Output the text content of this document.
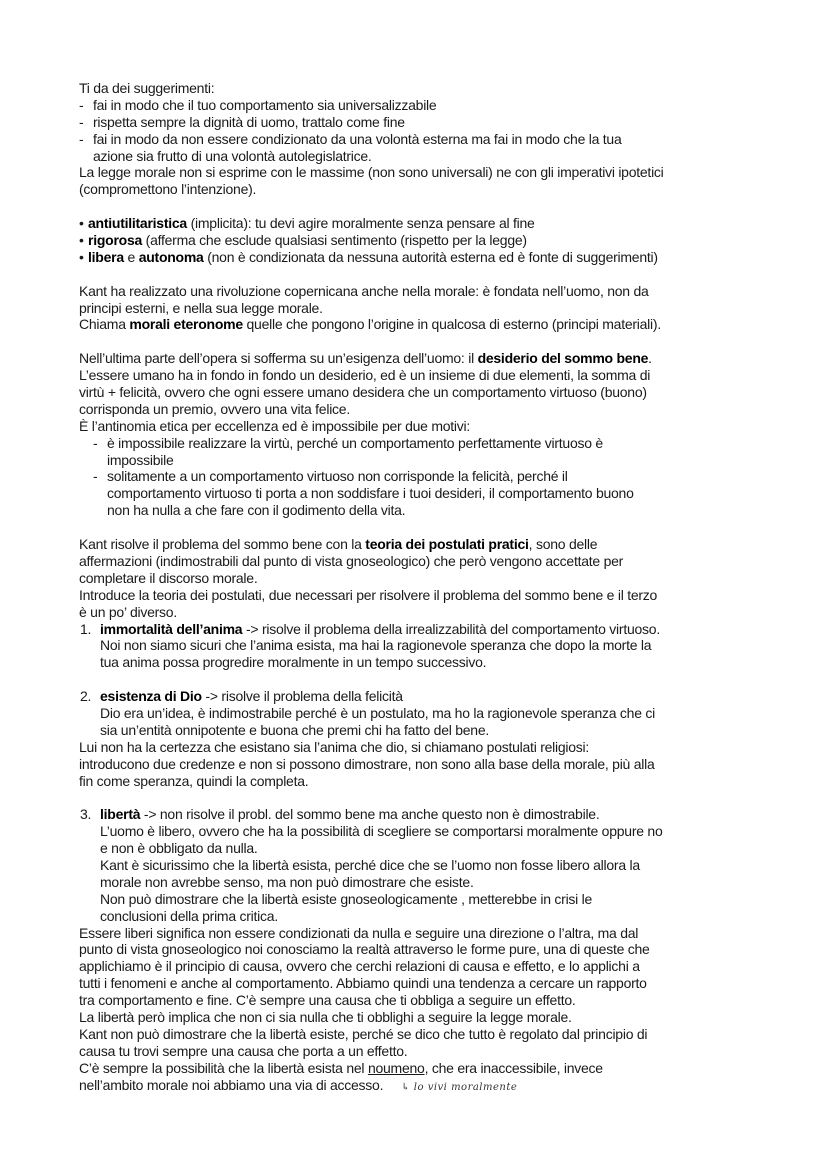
Ti da dei suggerimenti:
- fai in modo che il tuo comportamento sia universalizzabile
- rispetta sempre la dignità di uomo, trattalo come fine
- fai in modo da non essere condizionato da una volontà esterna ma fai in modo che la tua
azione sia frutto di una volontà autolegislatrice.
La legge morale non si esprime con le massime (non sono universali) ne con gli imperativi ipotetici
(compromettono l’intenzione).
• antiutilitaristica (implicita): tu devi agire moralmente senza pensare al fine
• rigorosa (afferma che esclude qualsiasi sentimento (rispetto per la legge)
• libera e autonoma (non è condizionata da nessuna autorità esterna ed è fonte di suggerimenti)
Kant ha realizzato una rivoluzione copernicana anche nella morale: è fondata nell’uomo, non da
principi esterni, e nella sua legge morale.
Chiama morali eteronome quelle che pongono l’origine in qualcosa di esterno (principi materiali).
Nell’ultima parte dell’opera si sofferma su un’esigenza dell’uomo: il desiderio del sommo bene.
L’essere umano ha in fondo in fondo un desiderio, ed è un insieme di due elementi, la somma di
virtù + felicità, ovvero che ogni essere umano desidera che un comportamento virtuoso (buono)
corrisponda un premio, ovvero una vita felice.
È l’antinomia etica per eccellenza ed è impossibile per due motivi:
- è impossibile realizzare la virtù, perché un comportamento perfettamente virtuoso è
impossibile
- solitamente a un comportamento virtuoso non corrisponde la felicità, perché il
comportamento virtuoso ti porta a non soddisfare i tuoi desideri, il comportamento buono
non ha nulla a che fare con il godimento della vita.
Kant risolve il problema del sommo bene con la teoria dei postulati pratici, sono delle
affermazioni (indimostrabili dal punto di vista gnoseologico) che però vengono accettate per
completare il discorso morale.
Introduce la teoria dei postulati, due necessari per risolvere il problema del sommo bene e il terzo
è un po’ diverso.
1. immortalità dell’anima -> risolve il problema della irrealizzabilità del comportamento virtuoso.
Noi non siamo sicuri che l’anima esista, ma hai la ragionevole speranza che dopo la morte la
tua anima possa progredire moralmente in un tempo successivo.
2. esistenza di Dio -> risolve il problema della felicità
Dio era un’idea, è indimostrabile perché è un postulato, ma ho la ragionevole speranza che ci
sia un’entità onnipotente e buona che premi chi ha fatto del bene.
Lui non ha la certezza che esistano sia l’anima che dio, si chiamano postulati religiosi:
introducono due credenze e non si possono dimostrare, non sono alla base della morale, più alla
fin come speranza, quindi la completa.
3. libertà -> non risolve il probl. del sommo bene ma anche questo non è dimostrabile.
L’uomo è libero, ovvero che ha la possibilità di scegliere se comportarsi moralmente oppure no
e non è obbligato da nulla.
Kant è sicurissimo che la libertà esista, perché dice che se l’uomo non fosse libero allora la
morale non avrebbe senso, ma non può dimostrare che esiste.
Non può dimostrare che la libertà esiste gnoseologicamente , metterebbe in crisi le
conclusioni della prima critica.
Essere liberi significa non essere condizionati da nulla e seguire una direzione o l’altra, ma dal
punto di vista gnoseologico noi conosciamo la realtà attraverso le forme pure, una di queste che
applichiamo è il principio di causa, ovvero che cerchi relazioni di causa e effetto, e lo applichi a
tutti i fenomeni e anche al comportamento. Abbiamo quindi una tendenza a cercare un rapporto
tra comportamento e fine. C’è sempre una causa che ti obbliga a seguire un effetto.
La libertà però implica che non ci sia nulla che ti obblighi a seguire la legge morale.
Kant non può dimostrare che la libertà esiste, perché se dico che tutto è regolato dal principio di
causa tu trovi sempre una causa che porta a un effetto.
C’è sempre la possibilità che la libertà esista nel noumeno, che era inaccessibile, invece
nell’ambito morale noi abbiamo una via di accesso. ↳ lo vivi moralmente
